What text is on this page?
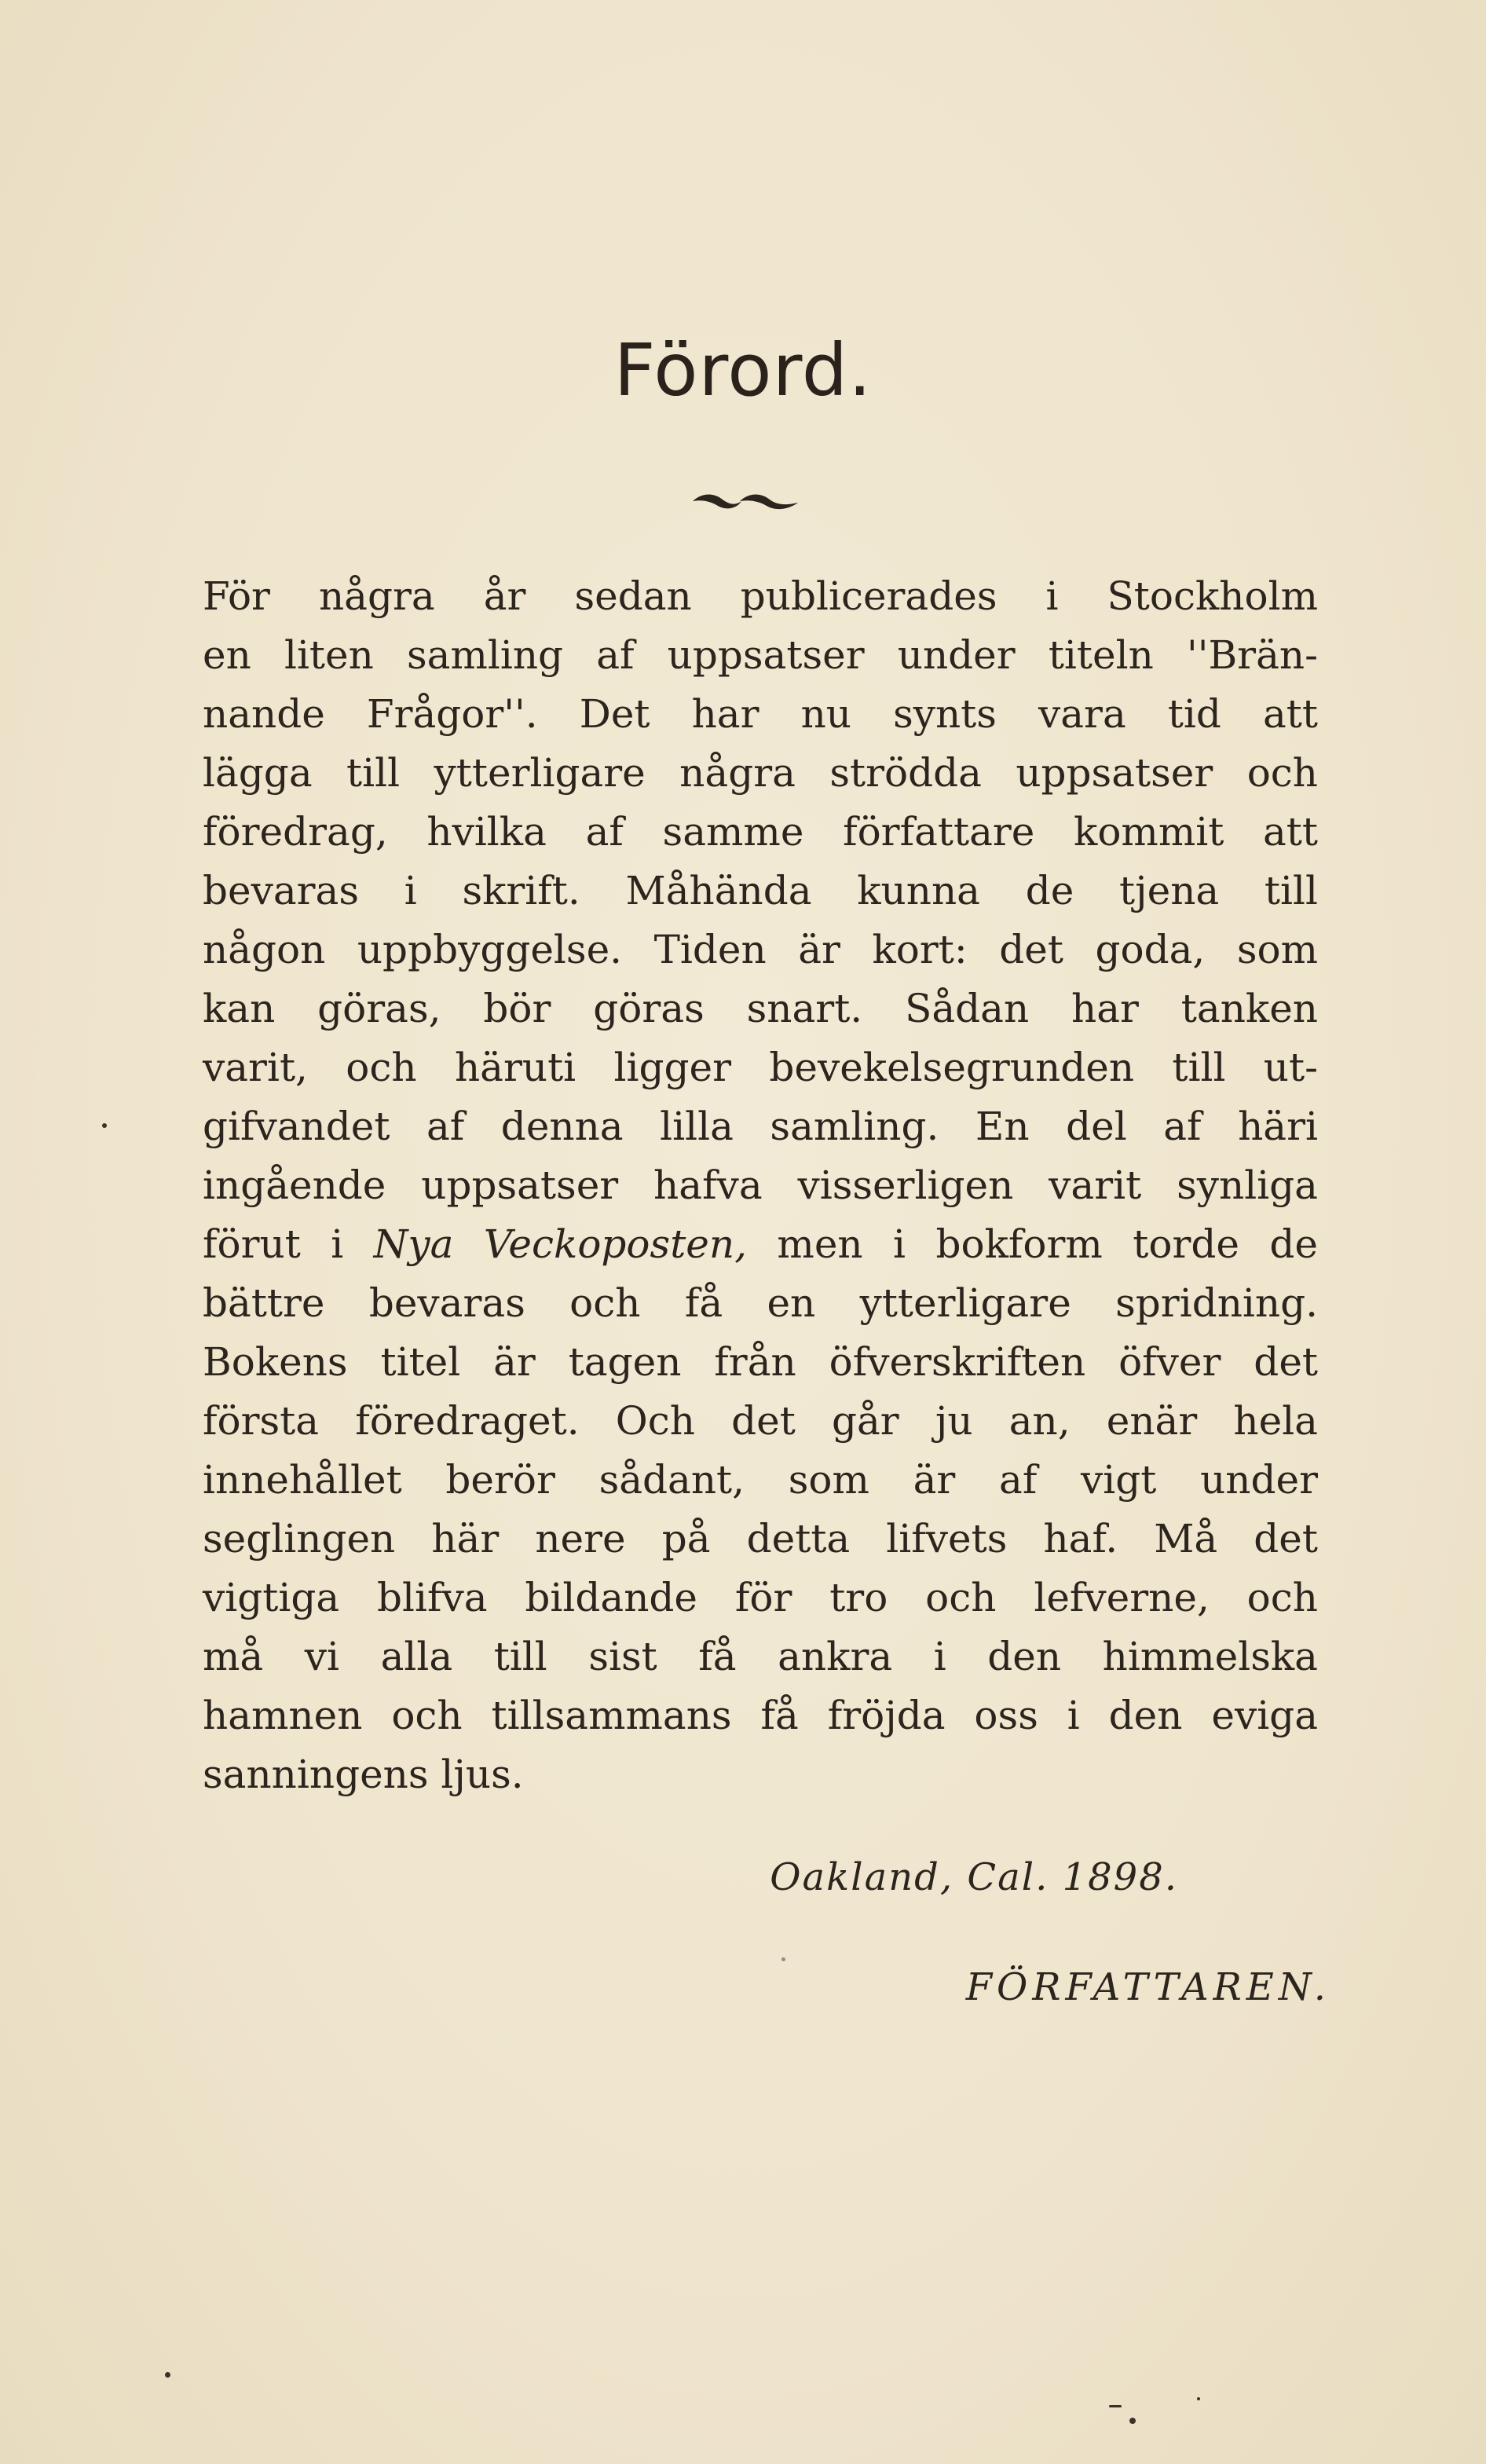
Förord.
För några år sedan publicerades i Stockholm
en liten samling af uppsatser under titeln ''Brän-
nande Frågor''. Det har nu synts vara tid att
lägga till ytterligare några strödda uppsatser och
föredrag, hvilka af samme författare kommit att
bevaras i skrift. Måhända kunna de tjena till
någon uppbyggelse. Tiden är kort: det goda, som
kan göras, bör göras snart. Sådan har tanken
varit, och häruti ligger bevekelsegrunden till ut-
gifvandet af denna lilla samling. En del af häri
ingående uppsatser hafva visserligen varit synliga
förut i Nya Veckoposten, men i bokform torde de
bättre bevaras och få en ytterligare spridning.
Bokens titel är tagen från öfverskriften öfver det
första föredraget. Och det går ju an, enär hela
innehållet berör sådant, som är af vigt under
seglingen här nere på detta lifvets haf. Må det
vigtiga blifva bildande för tro och lefverne, och
må vi alla till sist få ankra i den himmelska
hamnen och tillsammans få fröjda oss i den eviga
sanningens ljus.
Oakland, Cal. 1898.
FÖRFATTAREN.
